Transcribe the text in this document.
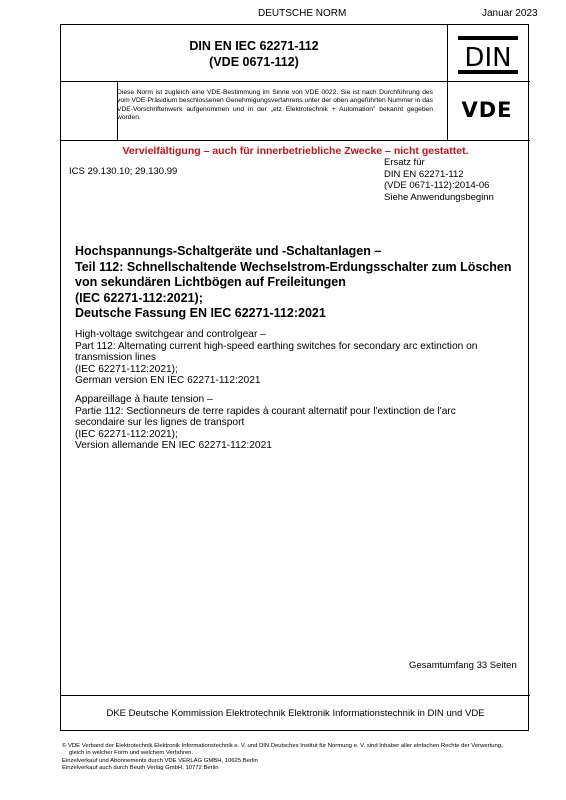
DEUTSCHE NORM	Januar 2023
DIN EN IEC 62271-112
(VDE 0671-112)	DIN
Diese Norm ist zugleich eine VDE-Bestimmung im Sinne von VDE 0022. Sie ist nach Durchführung des vom VDE-Präsidium beschlossenen Genehmigungsverfahrens unter der oben angeführten Nummer in das VDE-Vorschriftenwerk aufgenommen und in der „etz Elektrotechnik + Automation" bekannt gegeben worden.	VDE
Vervielfältigung – auch für innerbetriebliche Zwecke – nicht gestattet.
ICS 29.130.10; 29.130.99
Ersatz für
DIN EN 62271-112
(VDE 0671-112):2014-06
Siehe Anwendungsbeginn
Hochspannungs-Schaltgeräte und -Schaltanlagen –
Teil 112: Schnellschaltende Wechselstrom-Erdungsschalter zum Löschen
von sekundären Lichtbögen auf Freileitungen
(IEC 62271-112:2021);
Deutsche Fassung EN IEC 62271-112:2021
High-voltage switchgear and controlgear –
Part 112: Alternating current high-speed earthing switches for secondary arc extinction on
transmission lines
(IEC 62271-112:2021);
German version EN IEC 62271-112:2021
Appareillage à haute tension –
Partie 112: Sectionneurs de terre rapides à courant alternatif pour l'extinction de l'arc
secondaire sur les lignes de transport
(IEC 62271-112:2021);
Version allemande EN IEC 62271-112:2021
Gesamtumfang 33 Seiten
DKE Deutsche Kommission Elektrotechnik Elektronik Informationstechnik in DIN und VDE
© VDE Verband der Elektrotechnik Elektronik Informationstechnik e. V. und DIN Deutsches Institut für Normung e. V. sind Inhaber aller einfachen Rechte der Verwertung,
gleich in welcher Form und welchem Verfahren.
Einzelverkauf und Abonnements durch VDE VERLAG GMBH, 10625 Berlin
Einzelverkauf auch durch Beuth Verlag GmbH, 10772 Berlin
